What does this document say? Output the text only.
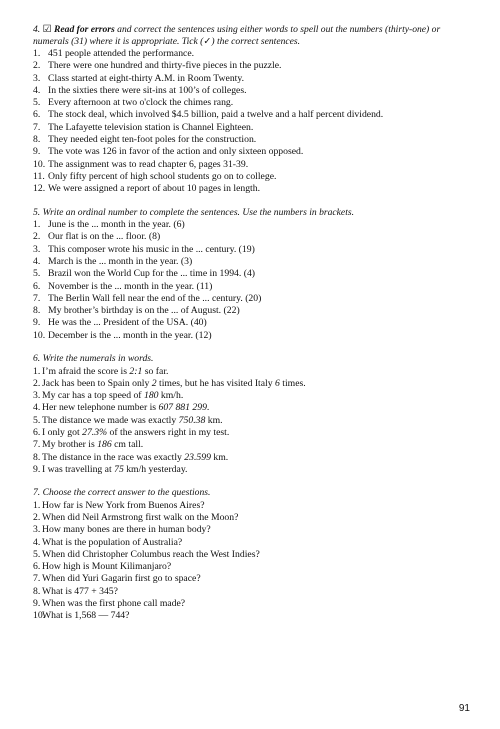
4. ☑ Read for errors and correct the sentences using either words to spell out the numbers (thirty-one) or numerals (31) where it is appropriate. Tick (✓) the correct sentences.

1. 451 people attended the performance.
2. There were one hundred and thirty-five pieces in the puzzle.
3. Class started at eight-thirty A.M. in Room Twenty.
4. In the sixties there were sit-ins at 100’s of colleges.
5. Every afternoon at two o'clock the chimes rang.
6. The stock deal, which involved $4.5 billion, paid a twelve and a half percent dividend.
7. The Lafayette television station is Channel Eighteen.
8. They needed eight ten-foot poles for the construction.
9. The vote was 126 in favor of the action and only sixteen opposed.
10. The assignment was to read chapter 6, pages 31-39.
11. Only fifty percent of high school students go on to college.
12. We were assigned a report of about 10 pages in length.

5. Write an ordinal number to complete the sentences. Use the numbers in brackets.

1. June is the ... month in the year. (6)
2. Our flat is on the ... floor. (8)
3. This composer wrote his music in the ... century. (19)
4. March is the ... month in the year. (3)
5. Brazil won the World Cup for the ... time in 1994. (4)
6. November is the ... month in the year. (11)
7. The Berlin Wall fell near the end of the ... century. (20)
8. My brother’s birthday is on the ... of August. (22)
9. He was the ... President of the USA. (40)
10. December is the ... month in the year. (12)

6. Write the numerals in words.

1. I’m afraid the score is 2:1 so far.
2. Jack has been to Spain only 2 times, but he has visited Italy 6 times.
3. My car has a top speed of 180 km/h.
4. Her new telephone number is 607 881 299.
5. The distance we made was exactly 750.38 km.
6. I only got 27.3% of the answers right in my test.
7. My brother is 186 cm tall.
8. The distance in the race was exactly 23.599 km.
9. I was travelling at 75 km/h yesterday.

7. Choose the correct answer to the questions.

1. How far is New York from Buenos Aires?
2. When did Neil Armstrong first walk on the Moon?
3. How many bones are there in human body?
4. What is the population of Australia?
5. When did Christopher Columbus reach the West Indies?
6. How high is Mount Kilimanjaro?
7. When did Yuri Gagarin first go to space?
8. What is 477 + 345?
9. When was the first phone call made?
10.
What is 1,568 — 744?
91
